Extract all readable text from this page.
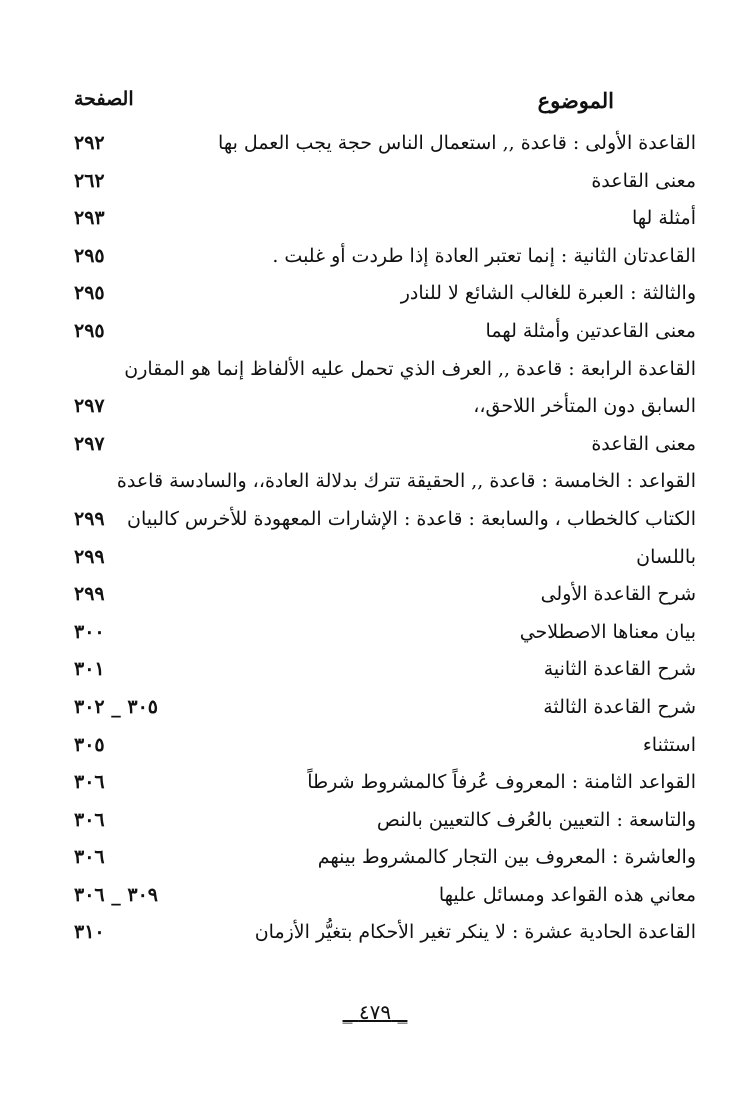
الموضوع
الصفحة
القاعدة الأولى : قاعدة ,, استعمال الناس حجة يجب العمل بها
٢٩٢
معنى القاعدة
٢٦٢
أمثلة لها
٢٩٣
القاعدتان الثانية : إنما تعتبر العادة إذا طردت أو غلبت .
٢٩٥
والثالثة : العبرة للغالب الشائع لا للنادر
٢٩٥
معنى القاعدتين وأمثلة لهما
٢٩٥
القاعدة الرابعة : قاعدة ,, العرف الذي تحمل عليه الألفاظ إنما هو المقارن
السابق دون المتأخر اللاحق،،
٢٩٧
معنى القاعدة
٢٩٧
القواعد : الخامسة : قاعدة ,, الحقيقة تترك بدلالة العادة،، والسادسة قاعدة
الكتاب كالخطاب ، والسابعة : قاعدة : الإشارات المعهودة للأخرس كالبيان
٢٩٩
باللسان
٢٩٩
شرح القاعدة الأولى
٢٩٩
بيان معناها الاصطلاحي
٣٠٠
شرح القاعدة الثانية
٣٠١
شرح القاعدة الثالثة
٣٠٥ _ ٣٠٢
استثناء
٣٠٥
القواعد الثامنة : المعروف عُرفاً كالمشروط شرطاً
٣٠٦
والتاسعة : التعيين بالعُرف كالتعيين بالنص
٣٠٦
والعاشرة : المعروف بين التجار كالمشروط بينهم
٣٠٦
معاني هذه القواعد ومسائل عليها
٣٠٩ _ ٣٠٦
القاعدة الحادية عشرة : لا ينكر تغير الأحكام بتغيُّر الأزمان
٣١٠
_ ٤٧٩ _
